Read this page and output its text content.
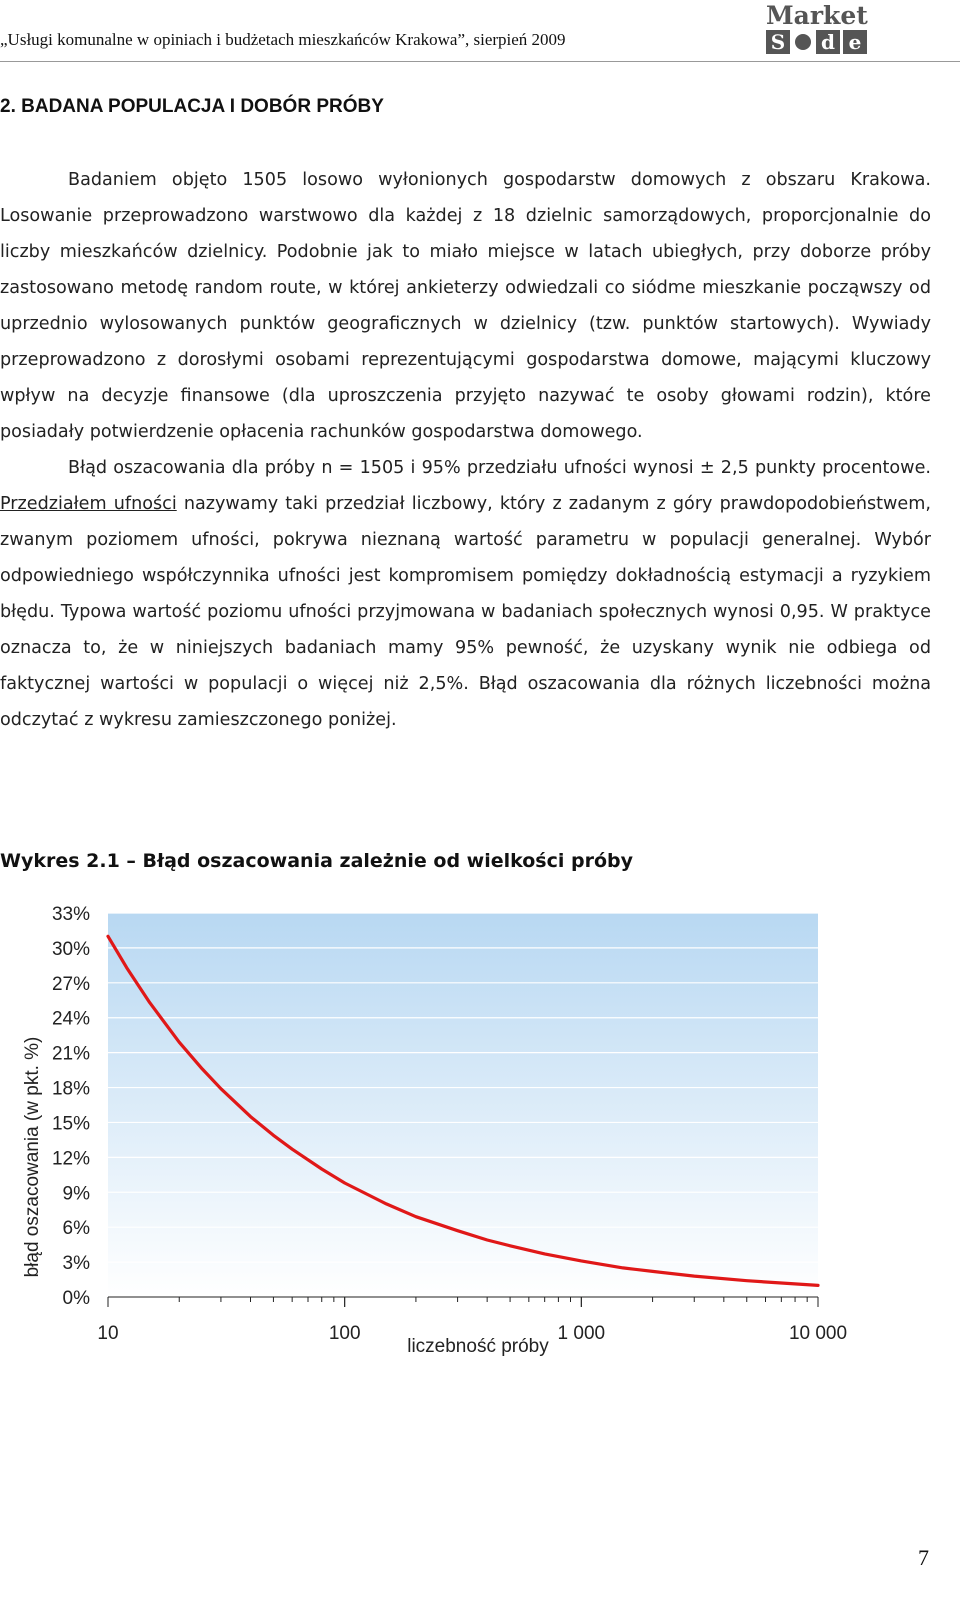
„Usługi komunalne w opiniach i budżetach mieszkańców Krakowa”, sierpień 2009
Market
S d e
2. BADANA POPULACJA I DOBÓR PRÓBY

Badaniem objęto 1505 losowo wyłonionych gospodarstw domowych z obszaru Krakowa. Losowanie przeprowadzono warstwowo dla każdej z 18 dzielnic samorządowych, proporcjonalnie do liczby mieszkańców dzielnicy. Podobnie jak to miało miejsce w latach ubiegłych, przy doborze próby zastosowano metodę random route, w której ankieterzy odwiedzali co siódme mieszkanie począwszy od uprzednio wylosowanych punktów geograficznych w dzielnicy (tzw. punktów startowych). Wywiady przeprowadzono z dorosłymi osobami reprezentującymi gospodarstwa domowe, mającymi kluczowy wpływ na decyzje finansowe (dla uproszczenia przyjęto nazywać te osoby głowami rodzin), które posiadały potwierdzenie opłacenia rachunków gospodarstwa domowego.

Błąd oszacowania dla próby n = 1505 i 95% przedziału ufności wynosi ± 2,5 punkty procentowe. Przedziałem ufności nazywamy taki przedział liczbowy, który z zadanym z góry prawdopodobieństwem, zwanym poziomem ufności, pokrywa nieznaną wartość parametru w populacji generalnej. Wybór odpowiedniego współczynnika ufności jest kompromisem pomiędzy dokładnością estymacji a ryzykiem błędu. Typowa wartość poziomu ufności przyjmowana w badaniach społecznych wynosi 0,95. W praktyce oznacza to, że w niniejszych badaniach mamy 95% pewność, że uzyskany wynik nie odbiega od faktycznej wartości w populacji o więcej niż 2,5%. Błąd oszacowania dla różnych liczebności można odczytać z wykresu zamieszczonego poniżej.

Wykres 2.1 – Błąd oszacowania zależnie od wielkości próby
0%
3%
6%
9%
12%
15%
18%
21%
24%
27%
30%
33%
10	100	1 000	10 000
liczebność próby
błąd oszacowania (w pkt. %)
7
